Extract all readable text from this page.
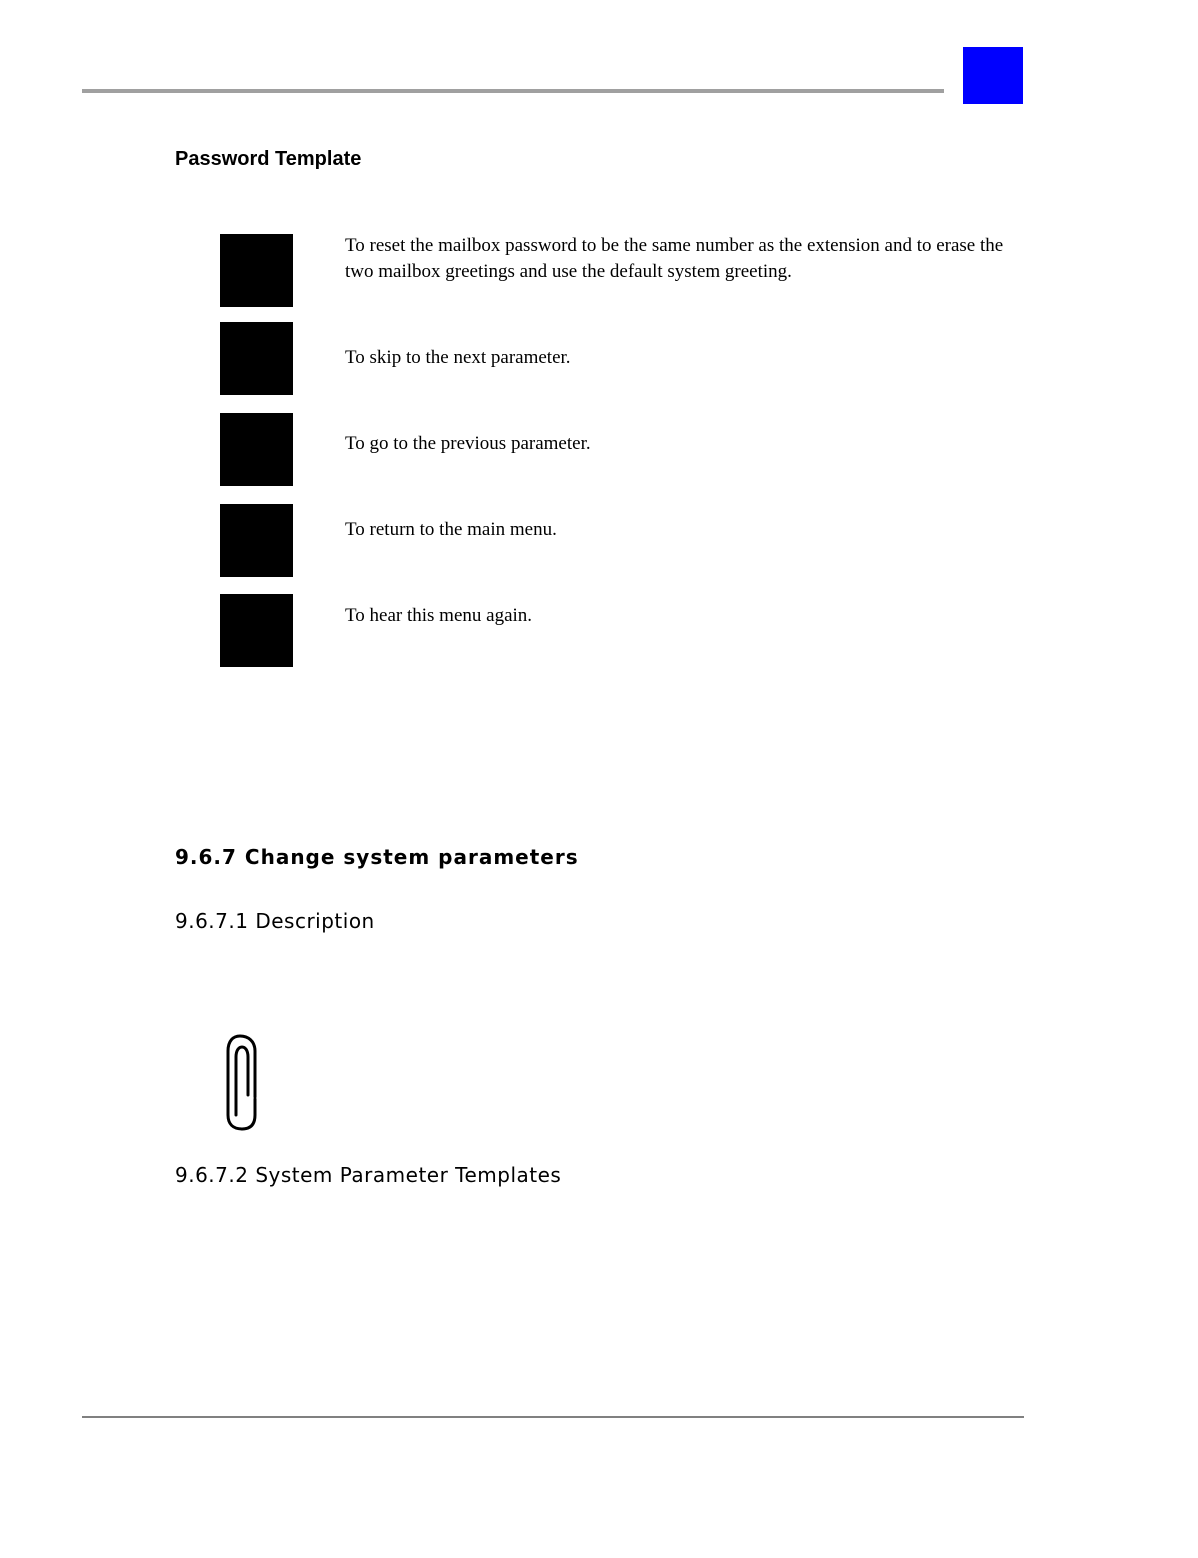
Password Template
To reset the mailbox password to be the same number as the extension and to erase the two mailbox greetings and use the default system greeting.
To skip to the next parameter.
To go to the previous parameter.
To return to the main menu.
To hear this menu again.
9.6.7 Change system parameters
9.6.7.1 Description
9.6.7.2 System Parameter Templates
